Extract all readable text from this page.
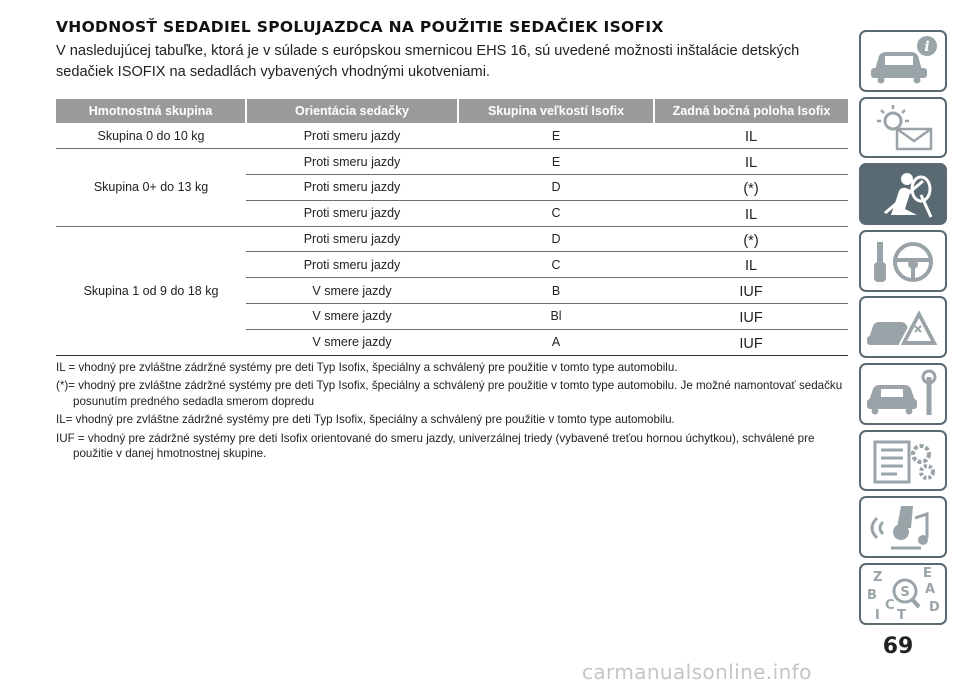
VHODNOSŤ SEDADIEL SPOLUJAZDCA NA POUŽITIE SEDAČIEK ISOFIX

V nasledujúcej tabuľke, ktorá je v súlade s európskou smernicou EHS 16, sú uvedené možnosti inštalácie detských sedačiek ISOFIX na sedadlách vybavených vhodnými ukotveniami.

Hmotnostná skupina	Orientácia sedačky	Skupina veľkostí Isofix	Zadná bočná poloha Isofix
Skupina 0 do 10 kg	Proti smeru jazdy	E	IL
Skupina 0+ do 13 kg	Proti smeru jazdy	E	IL
	Proti smeru jazdy	D	(*)
	Proti smeru jazdy	C	IL
Skupina 1 od 9 do 18 kg	Proti smeru jazdy	D	(*)
	Proti smeru jazdy	C	IL
	V smere jazdy	B	IUF
	V smere jazdy	Bl	IUF
	V smere jazdy	A	IUF
IL = vhodný pre zvláštne zádržné systémy pre deti Typ Isofix, špeciálny a schválený pre použitie v tomto type automobilu.
(*)= vhodný pre zvláštne zádržné systémy pre deti Typ Isofix, špeciálny a schválený pre použitie v tomto type automobilu. Je možné namontovať sedačku posunutím predného sedadla smerom dopredu
IL= vhodný pre zvláštne zádržné systémy pre deti Typ Isofix, špeciálny a schválený pre použitie v tomto type automobilu.
IUF = vhodný pre zádržné systémy pre deti Isofix orientované do smeru jazdy, univerzálnej triedy (vybavené treťou hornou úchytkou), schválené pre použitie v danej hmotnostnej skupine.
i
S
Z	E
A
B
C	D
T
I
69
carmanualsonline.info
